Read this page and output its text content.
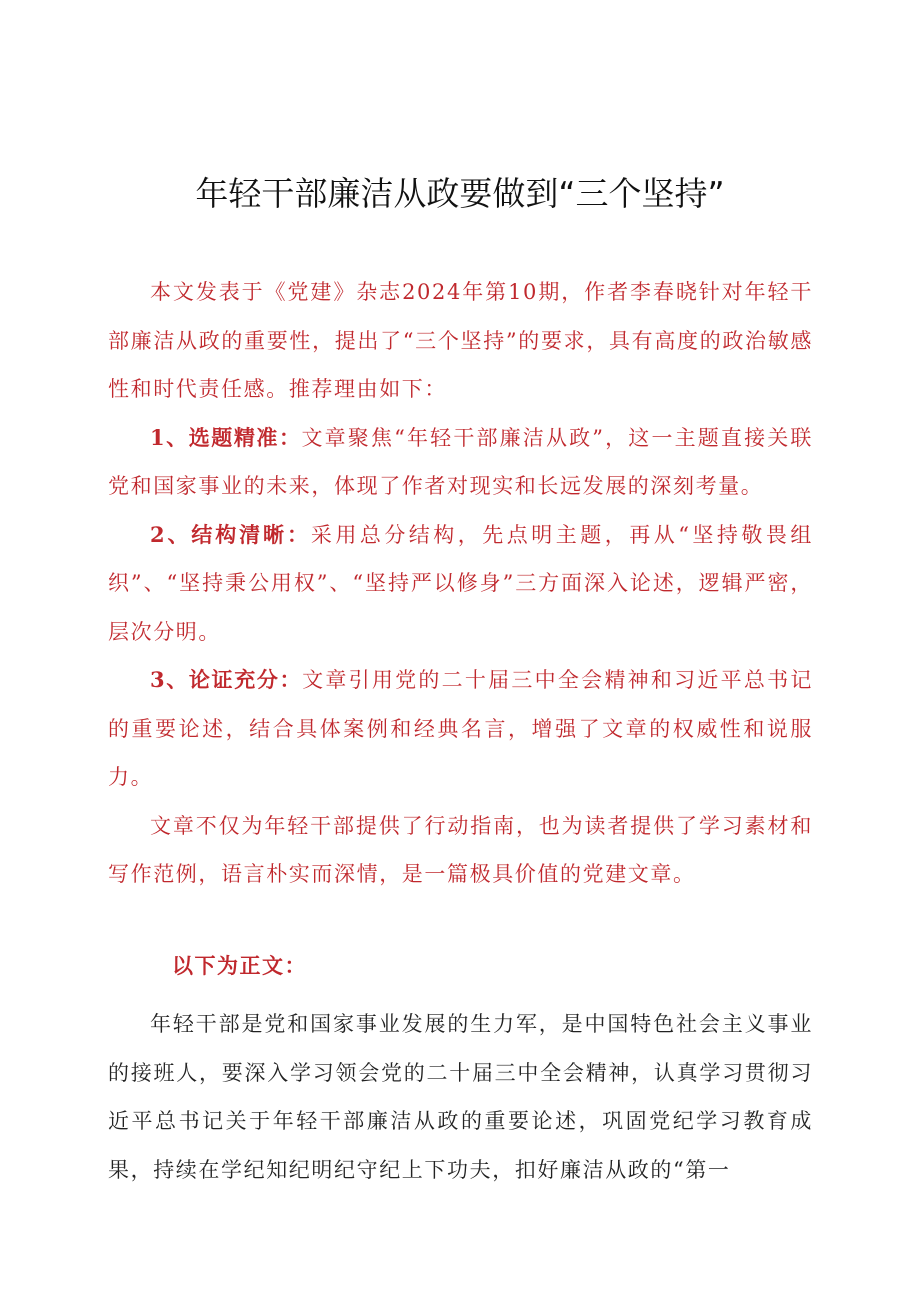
年轻干部廉洁从政要做到“三个坚持”

本文发表于《党建》杂志2024年第10期，作者李春晓针对年轻干部廉洁从政的重要性，提出了“三个坚持”的要求，具有高度的政治敏感性和时代责任感。推荐理由如下：

1、选题精准：文章聚焦“年轻干部廉洁从政”，这一主题直接关联党和国家事业的未来，体现了作者对现实和长远发展的深刻考量。

2、结构清晰：采用总分结构，先点明主题，再从“坚持敬畏组织”、“坚持秉公用权”、“坚持严以修身”三方面深入论述，逻辑严密，层次分明。

3、论证充分：文章引用党的二十届三中全会精神和习近平总书记的重要论述，结合具体案例和经典名言，增强了文章的权威性和说服力。

文章不仅为年轻干部提供了行动指南，也为读者提供了学习素材和写作范例，语言朴实而深情，是一篇极具价值的党建文章。

以下为正文：

年轻干部是党和国家事业发展的生力军，是中国特色社会主义事业的接班人，要深入学习领会党的二十届三中全会精神，认真学习贯彻习近平总书记关于年轻干部廉洁从政的重要论述，巩固党纪学习教育成果，持续在学纪知纪明纪守纪上下功夫，扣好廉洁从政的“第一
